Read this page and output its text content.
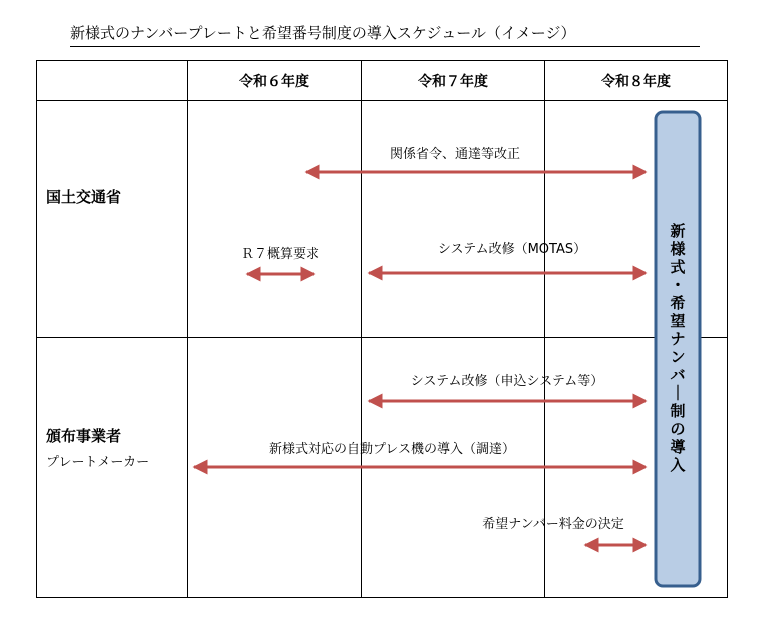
新様式のナンバープレートと希望番号制度の導入スケジュール（イメージ）
令和６年度	令和７年度	令和８年度
国土交通省
頒布事業者
プレートメーカー
関係省令、通達等改正
Ｒ７概算要求	システム改修（MOTAS）
システム改修（申込システム等）
新様式対応の自動プレス機の導入（調達）
希望ナンバー料金の決定
新様式・希望ナンバ｜制の導入
